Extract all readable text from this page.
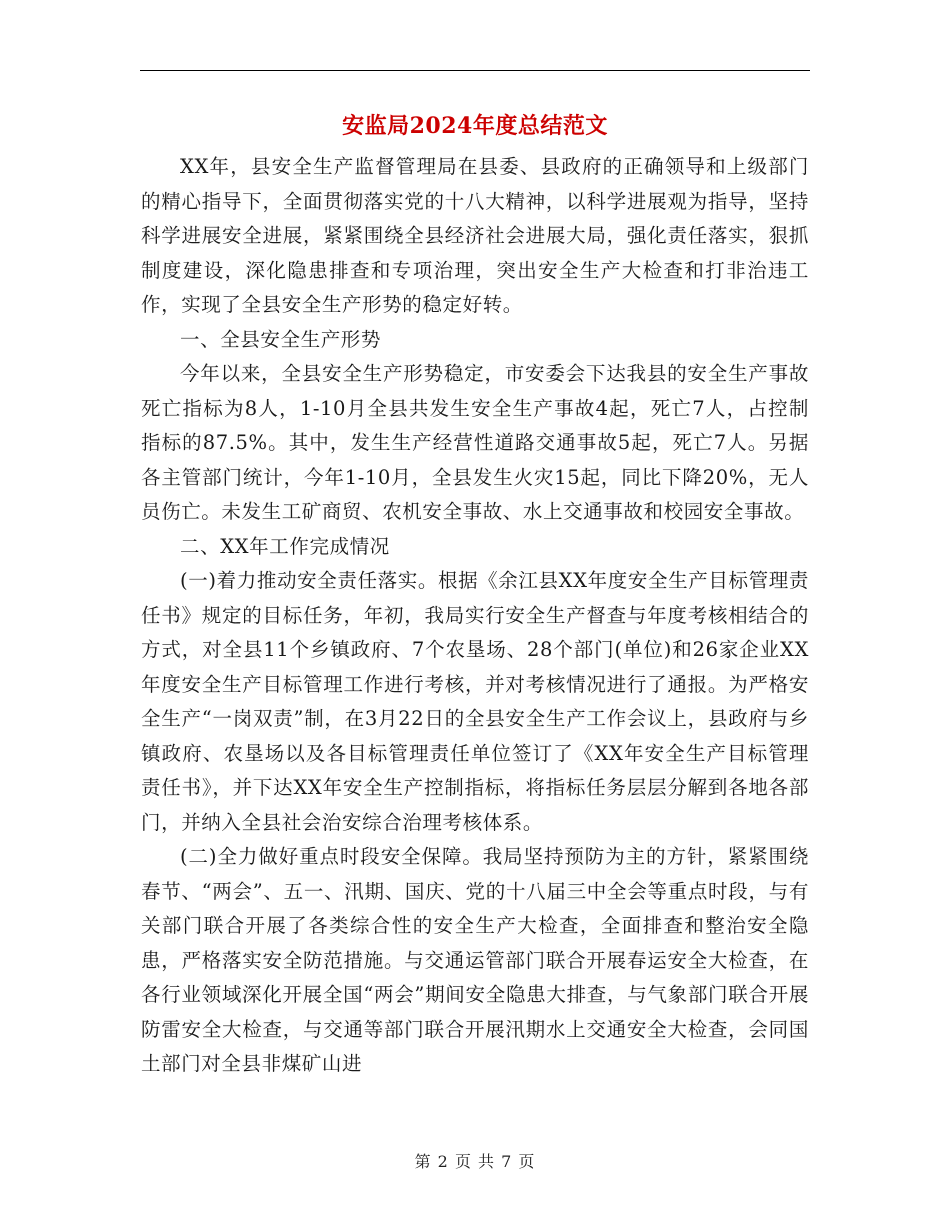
安监局2024年度总结范文

XX年，县安全生产监督管理局在县委、县政府的正确领导和上级部门的精心指导下，全面贯彻落实党的十八大精神，以科学进展观为指导，坚持科学进展安全进展，紧紧围绕全县经济社会进展大局，强化责任落实，狠抓制度建设，深化隐患排查和专项治理，突出安全生产大检查和打非治违工作，实现了全县安全生产形势的稳定好转。

一、全县安全生产形势

今年以来，全县安全生产形势稳定，市安委会下达我县的安全生产事故死亡指标为8人，1-10月全县共发生安全生产事故4起，死亡7人，占控制指标的87.5%。其中，发生生产经营性道路交通事故5起，死亡7人。另据各主管部门统计，今年1-10月，全县发生火灾15起，同比下降20%，无人员伤亡。未发生工矿商贸、农机安全事故、水上交通事故和校园安全事故。

二、XX年工作完成情况

(一)着力推动安全责任落实。根据《余江县XX年度安全生产目标管理责任书》规定的目标任务，年初，我局实行安全生产督查与年度考核相结合的方式，对全县11个乡镇政府、7个农垦场、28个部门(单位)和26家企业XX年度安全生产目标管理工作进行考核，并对考核情况进行了通报。为严格安全生产“一岗双责”制，在3月22日的全县安全生产工作会议上，县政府与乡镇政府、农垦场以及各目标管理责任单位签订了《XX年安全生产目标管理责任书》，并下达XX年安全生产控制指标，将指标任务层层分解到各地各部门，并纳入全县社会治安综合治理考核体系。

(二)全力做好重点时段安全保障。我局坚持预防为主的方针，紧紧围绕春节、“两会”、五一、汛期、国庆、党的十八届三中全会等重点时段，与有关部门联合开展了各类综合性的安全生产大检查，全面排查和整治安全隐患，严格落实安全防范措施。与交通运管部门联合开展春运安全大检查，在各行业领域深化开展全国“两会”期间安全隐患大排查，与气象部门联合开展防雷安全大检查，与交通等部门联合开展汛期水上交通安全大检查，会同国土部门对全县非煤矿山进

第 2 页 共 7 页
